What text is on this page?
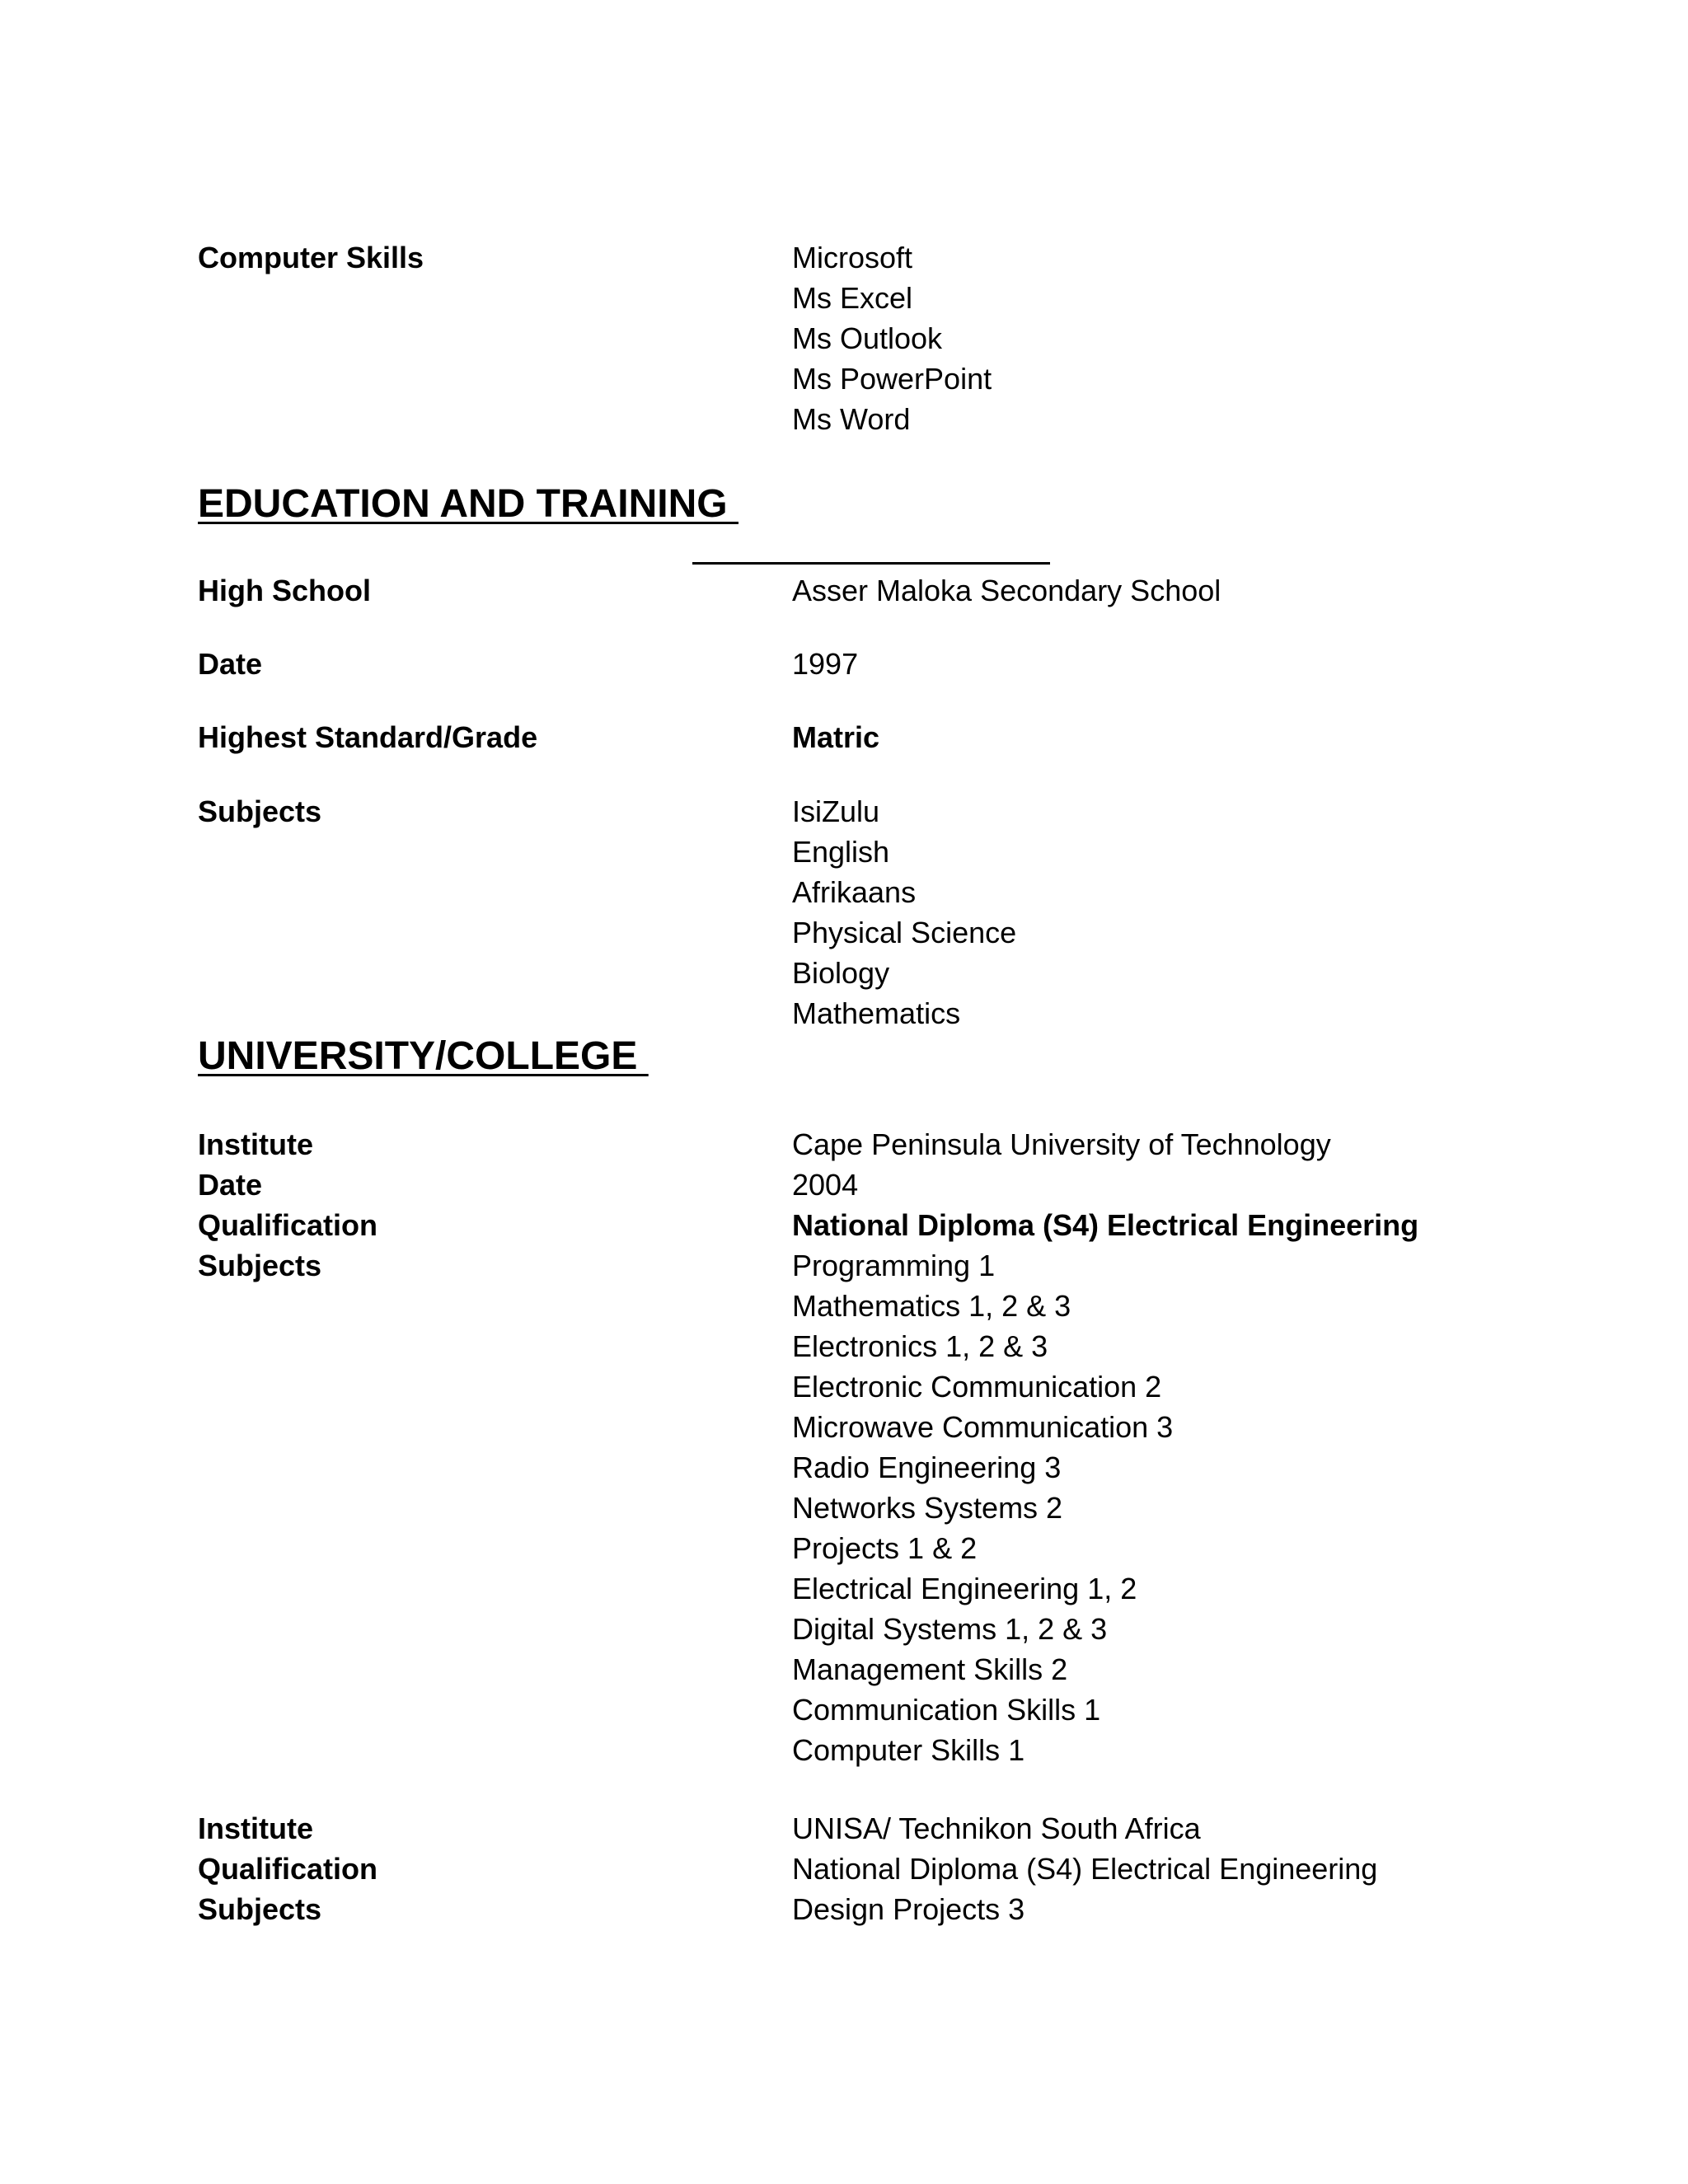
Computer Skills	Microsoft
Ms Excel
Ms Outlook
Ms PowerPoint
Ms Word
EDUCATION AND TRAINING
High School	Asser Maloka Secondary School
Date	1997
Highest Standard/Grade	Matric
Subjects	IsiZulu
English
Afrikaans
Physical Science
Biology
Mathematics
UNIVERSITY/COLLEGE
Institute	Cape Peninsula University of Technology
Date	2004
Qualification	National Diploma (S4) Electrical Engineering
Subjects	Programming 1
Mathematics 1, 2 & 3
Electronics 1, 2 & 3
Electronic Communication 2
Microwave Communication 3
Radio Engineering 3
Networks Systems 2
Projects 1 & 2
Electrical Engineering 1, 2
Digital Systems 1, 2 & 3
Management Skills 2
Communication Skills 1
Computer Skills 1
Institute	UNISA/ Technikon South Africa
Qualification	National Diploma (S4) Electrical Engineering
Subjects	Design Projects 3
